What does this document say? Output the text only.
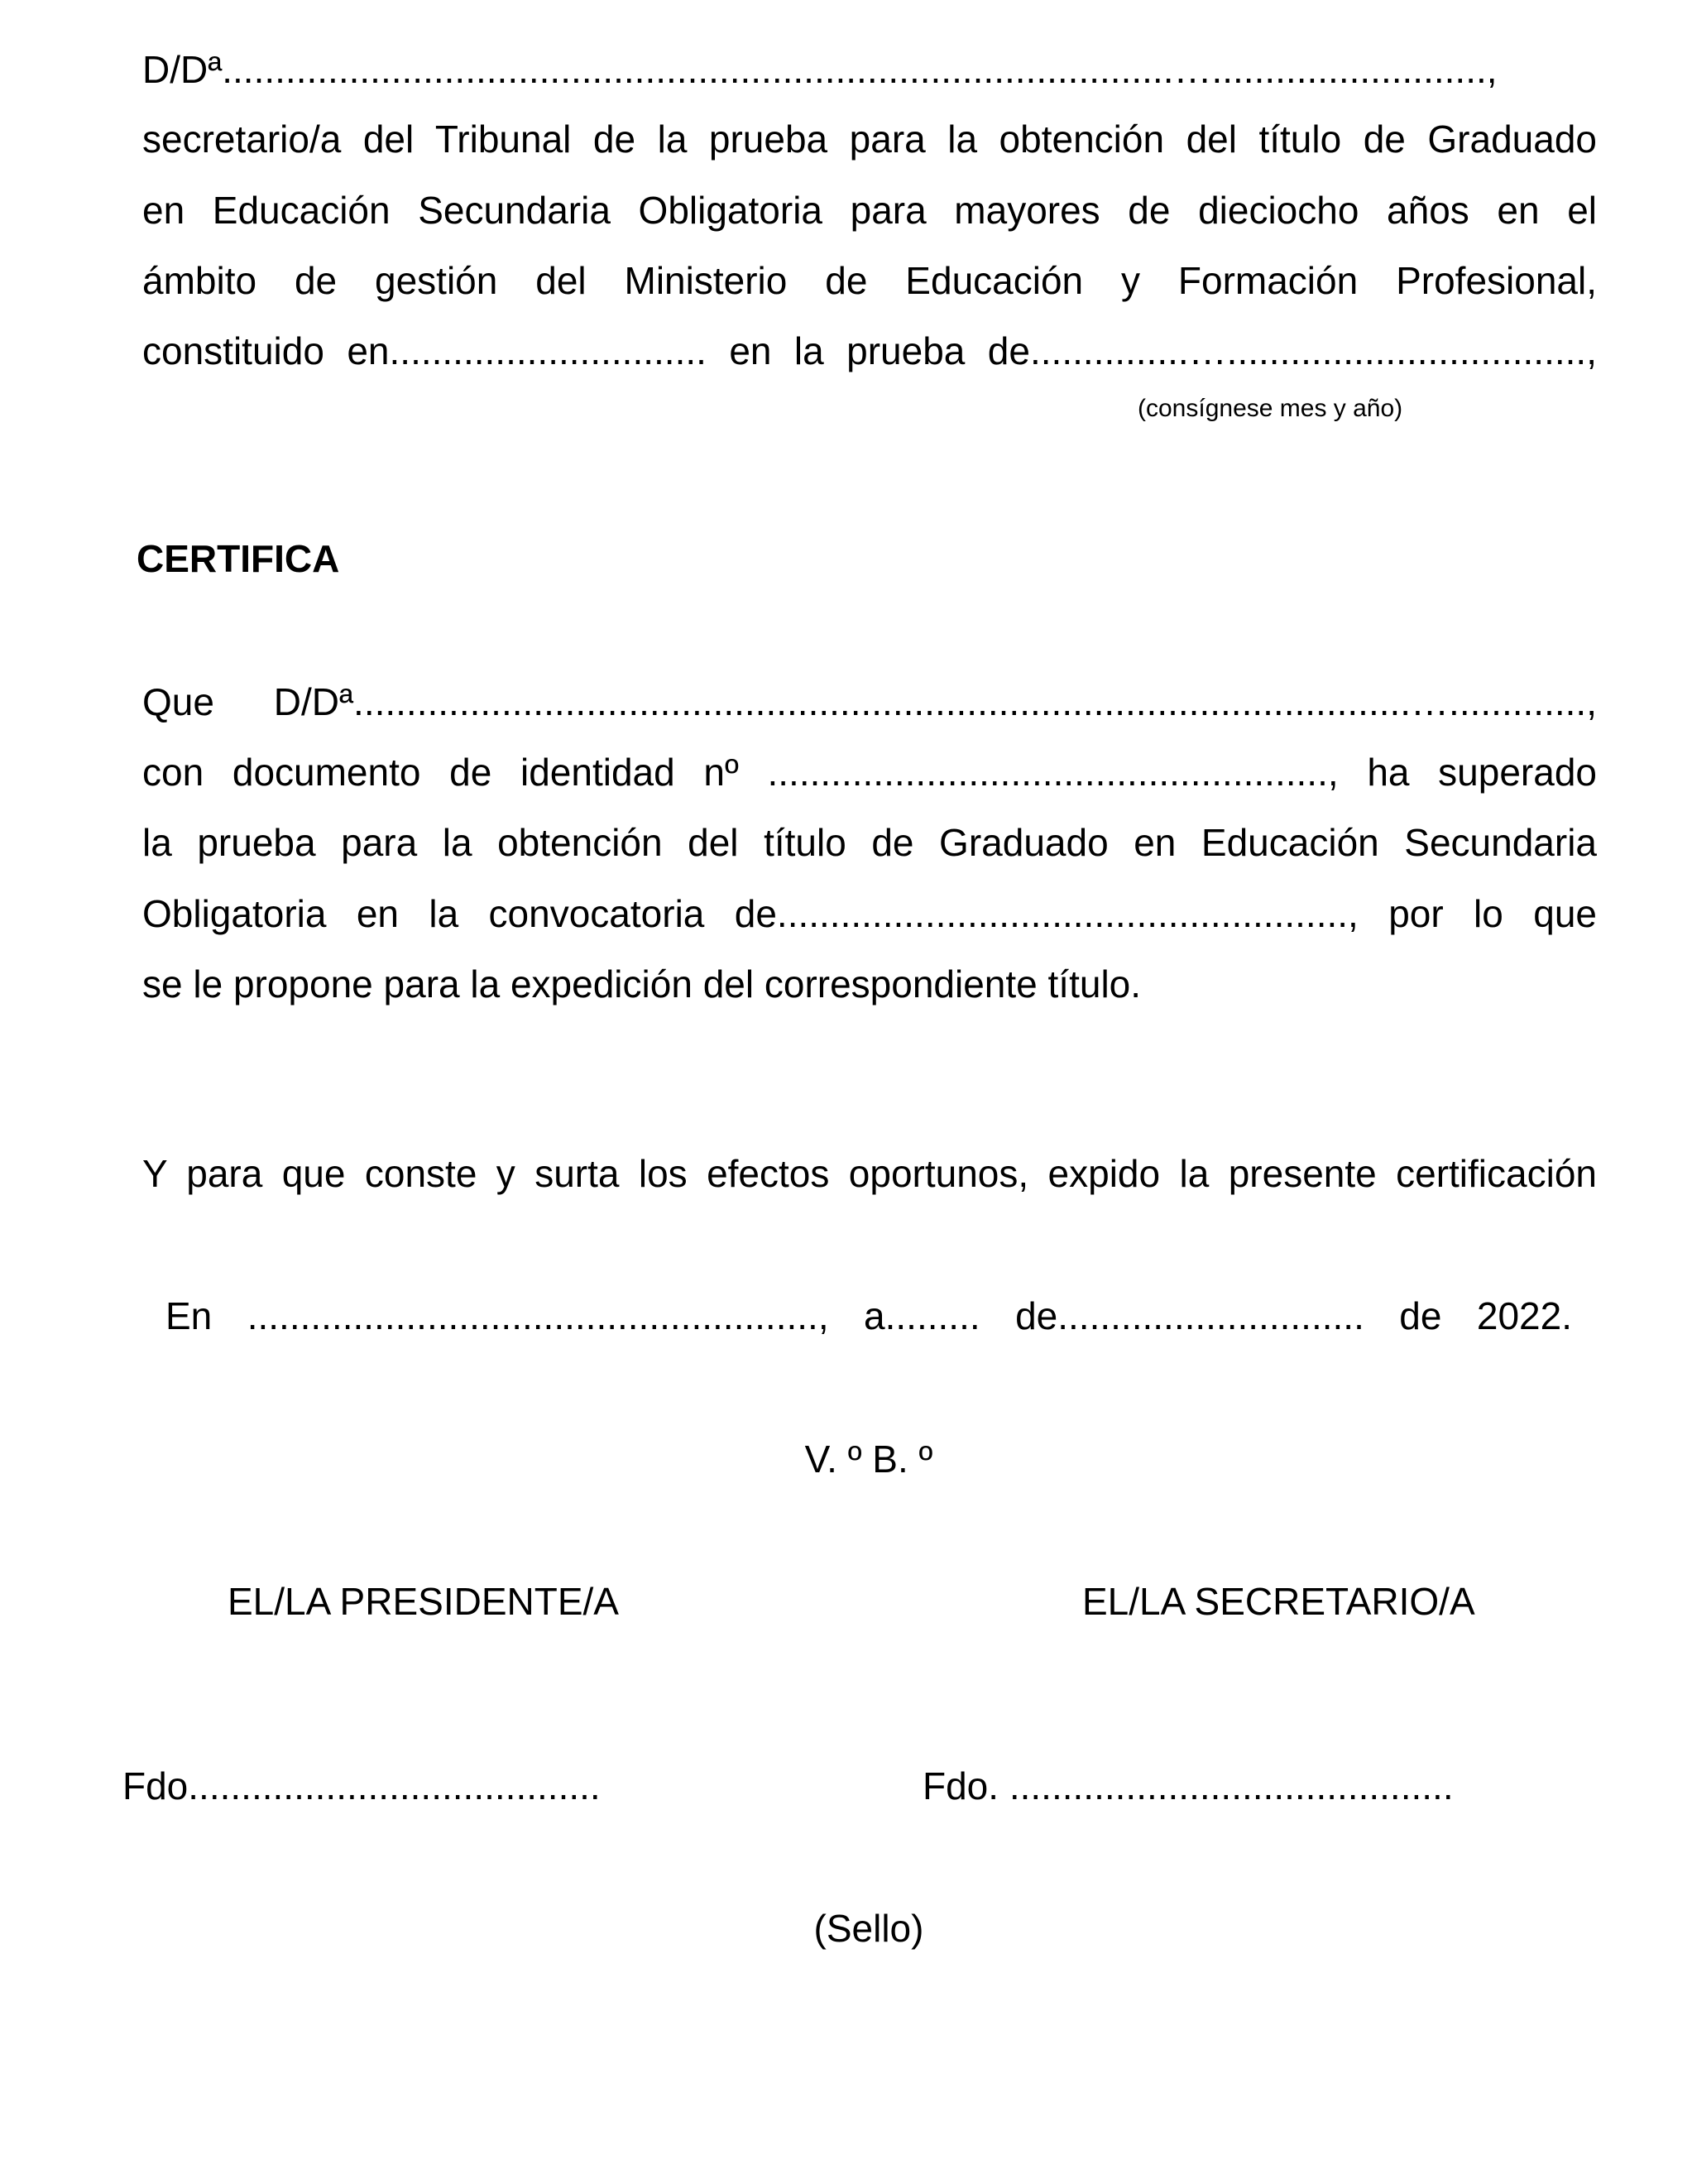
D/Dª..........................................................................................…..........................,
secretario/a del Tribunal de la prueba para la obtención del título de Graduado
en Educación Secundaria Obligatoria para mayores de dieciocho años en el
ámbito de gestión del Ministerio de Educación y Formación Profesional,
constituido en.............................. en la prueba de...............…..................................,
(consígnese mes y año)
CERTIFICA
Que D/Dª....................................................................................................….............,
con documento de identidad nº ....................................................., ha superado
la prueba para la obtención del título de Graduado en Educación Secundaria
Obligatoria en la convocatoria de......................................................, por lo que
se le propone para la expedición del correspondiente título.
Y para que conste y surta los efectos oportunos, expido la presente certificación
En ......................................................, a......... de............................. de 2022.
V. º B. º
EL/LA PRESIDENTE/A	EL/LA SECRETARIO/A
Fdo.......................................	Fdo. ..........................................
(Sello)
